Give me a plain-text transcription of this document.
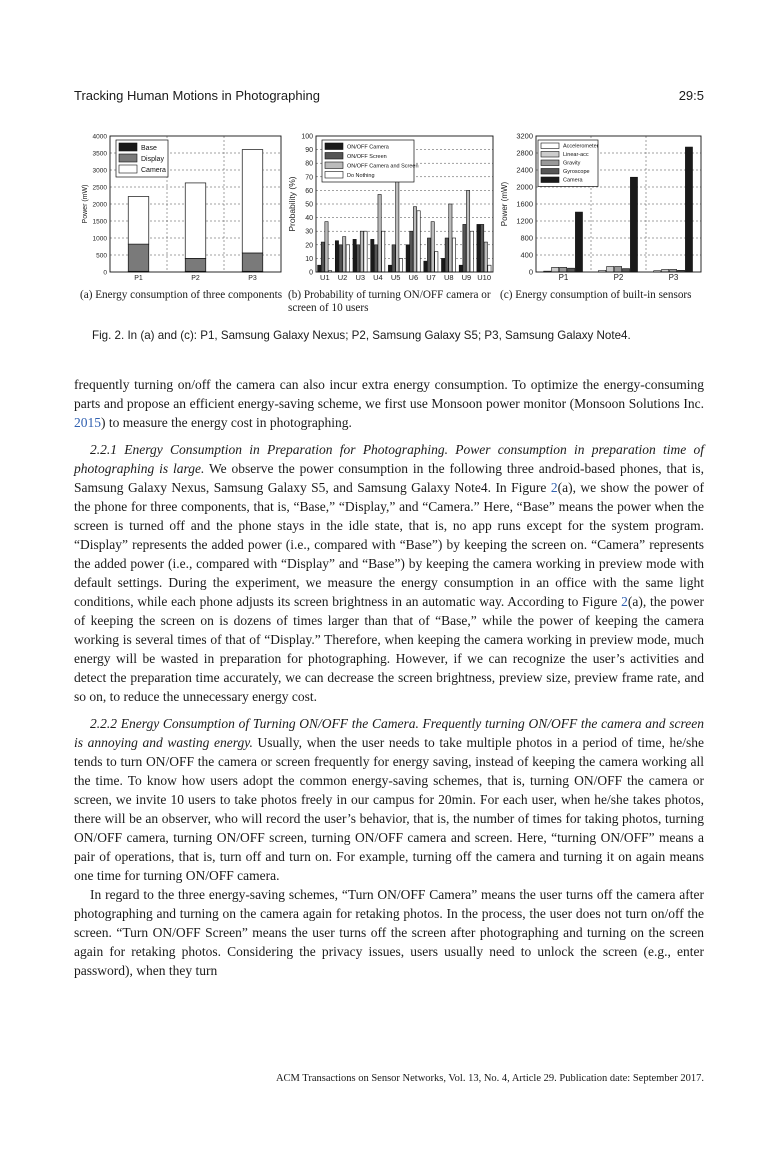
Tracking Human Motions in Photographing	29:5
0
500
1000
1500
2000
2500
3000
3500
4000
P1	P2	P3
Base
Display
Camera
Power (mW)
0
10
20
30
40
50
60
70
80
90
100
U1 U2 U3 U4 U5 U6 U7 U8 U9 U10
ON/OFF Camera
ON/OFF Screen
ON/OFF Camera and Screen
Do Nothing
Probability (%)
0
400
800
1200
1600
2000
2400
2800
3200
P1	P2	P3
Accelerometer
Linear-acc
Gravity
Gyroscope
Camera
Power (mW)
(a) Energy consumption of three components (b) Probability of turning ON/OFF camera or screen of 10 users
(c) Energy consumption of built-in sensors
Fig. 2. In (a) and (c): P1, Samsung Galaxy Nexus; P2, Samsung Galaxy S5; P3, Samsung Galaxy Note4.

frequently turning on/off the camera can also incur extra energy consumption. To optimize the energy-consuming parts and propose an efficient energy-saving scheme, we first use Monsoon power monitor (Monsoon Solutions Inc. 2015) to measure the energy cost in photographing.

2.2.1 Energy Consumption in Preparation for Photographing. Power consumption in preparation time of photographing is large. We observe the power consumption in the following three android-based phones, that is, Samsung Galaxy Nexus, Samsung Galaxy S5, and Samsung Galaxy Note4. In Figure 2(a), we show the power of the phone for three components, that is, “Base,” “Display,” and “Camera.” Here, “Base” means the power when the screen is turned off and the phone stays in the idle state, that is, no app runs except for the system program. “Display” represents the added power (i.e., compared with “Base”) by keeping the screen on. “Camera” represents the added power (i.e., compared with “Display” and “Base”) by keeping the camera working in preview mode with default settings. During the experiment, we measure the energy consumption in an office with the same light conditions, while each phone adjusts its screen brightness in an automatic way. According to Figure 2(a), the power of keeping the screen on is dozens of times larger than that of “Base,” while the power of keeping the camera working is several times of that of “Display.” Therefore, when keeping the camera working in preview mode, much energy will be wasted in preparation for photographing. However, if we can recognize the user’s activities and detect the preparation time accurately, we can decrease the screen brightness, preview size, preview frame rate, and so on, to reduce the unnecessary energy cost.

2.2.2 Energy Consumption of Turning ON/OFF the Camera. Frequently turning ON/OFF the camera and screen is annoying and wasting energy. Usually, when the user needs to take multiple photos in a period of time, he/she tends to turn ON/OFF the camera or screen frequently for energy saving, instead of keeping the camera working all the time. To know how users adopt the common energy-saving schemes, that is, turning ON/OFF the camera or screen, we invite 10 users to take photos freely in our campus for 20min. For each user, when he/she takes photos, there will be an observer, who will record the user’s behavior, that is, the number of times for taking photos, turning ON/OFF camera, turning ON/OFF screen, turning ON/OFF camera and screen. Here, “turning ON/OFF” means a pair of operations, that is, turn off and turn on. For example, turning off the camera and turning it on again means one time for turning ON/OFF camera.

In regard to the three energy-saving schemes, “Turn ON/OFF Camera” means the user turns off the camera after photographing and turning on the camera again for retaking photos. In the process, the user does not turn on/off the screen. “Turn ON/OFF Screen” means the user turns off the screen after photographing and turning on the screen again for retaking photos. Considering the privacy issues, users usually need to unlock the screen (e.g., enter password), when they turn

ACM Transactions on Sensor Networks, Vol. 13, No. 4, Article 29. Publication date: September 2017.
